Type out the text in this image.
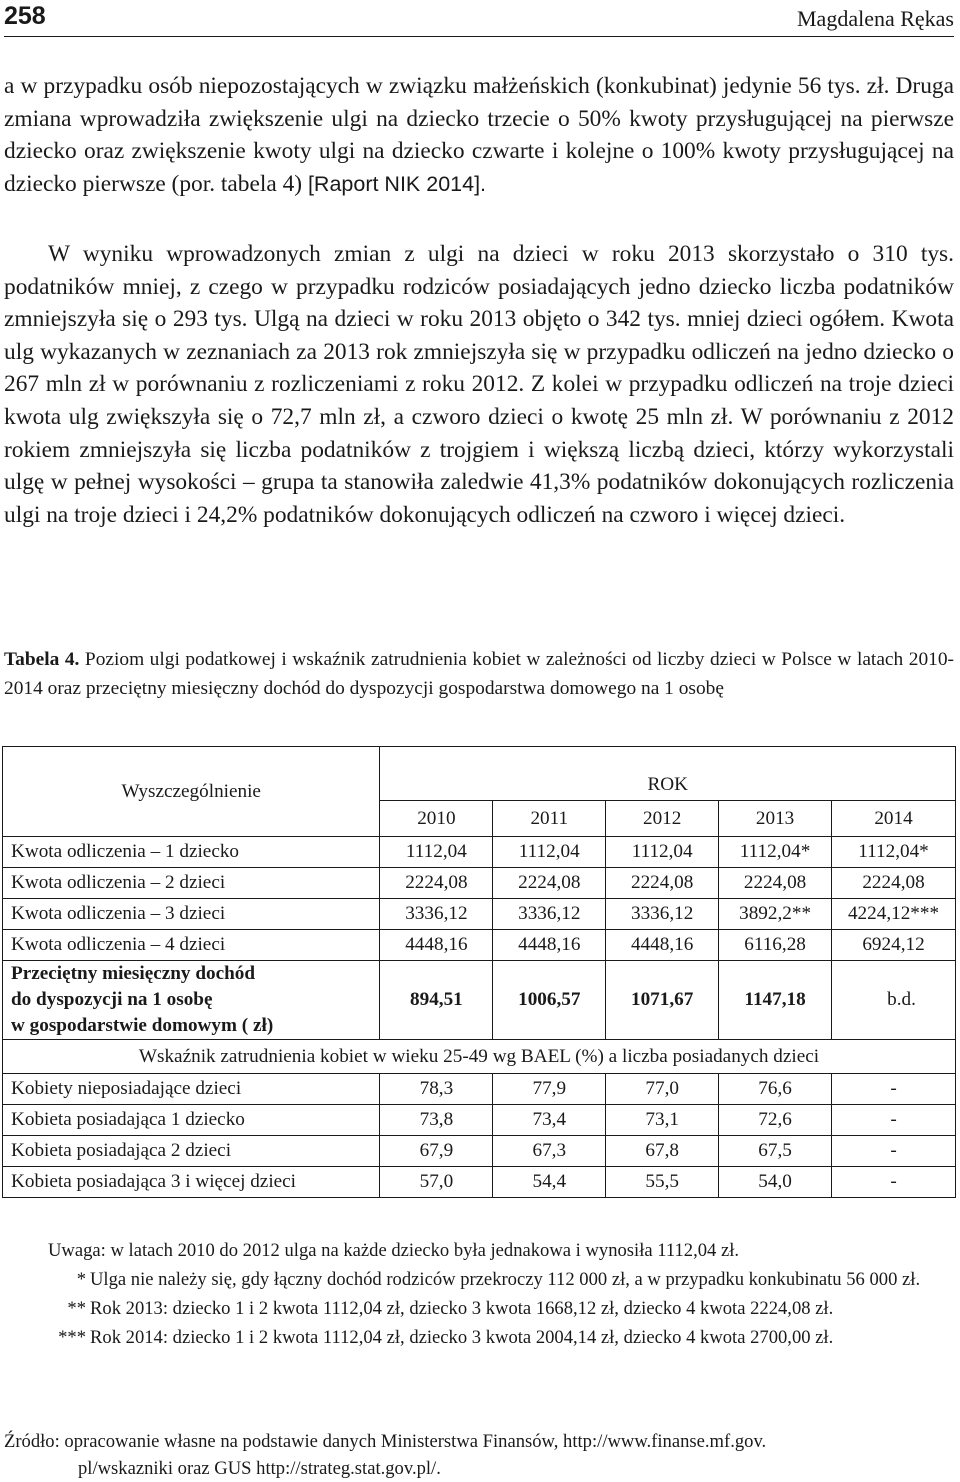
258	Magdalena Rękas

a w przypadku osób niepozostających w związku małżeńskich (konkubinat) jedynie 56 tys. zł. Druga zmiana wprowadziła zwiększenie ulgi na dziecko trzecie o 50% kwoty przysługującej na pierwsze dziecko oraz zwiększenie kwoty ulgi na dziecko czwarte i kolejne o 100% kwoty przysługującej na dziecko pierwsze (por. tabela 4) [Raport NIK 2014].

W wyniku wprowadzonych zmian z ulgi na dzieci w roku 2013 skorzystało o 310 tys. podatników mniej, z czego w przypadku rodziców posiadających jedno dziecko liczba podatników zmniejszyła się o 293 tys. Ulgą na dzieci w roku 2013 objęto o 342 tys. mniej dzieci ogółem. Kwota ulg wykazanych w zeznaniach za 2013 rok zmniejszyła się w przypadku odliczeń na jedno dziecko o 267 mln zł w porównaniu z rozliczeniami z roku 2012. Z kolei w przypadku odliczeń na troje dzieci kwota ulg zwiększyła się o 72,7 mln zł, a czworo dzieci o kwotę 25 mln zł. W porównaniu z 2012 rokiem zmniejszyła się liczba podatników z trojgiem i większą liczbą dzieci, którzy wykorzystali ulgę w pełnej wysokości – grupa ta stanowiła zaledwie 41,3% podatników dokonujących rozliczenia ulgi na troje dzieci i 24,2% podatników dokonujących odliczeń na czworo i więcej dzieci.

Tabela 4. Poziom ulgi podatkowej i wskaźnik zatrudnienia kobiet w zależności od liczby dzieci w Polsce w latach 2010-2014 oraz przeciętny miesięczny dochód do dyspozycji gospodarstwa domowego na 1 osobę
Wyszczególnienie	ROK				
	2010	2011	2012	2013	2014
Kwota odliczenia – 1 dziecko	1112,04	1112,04	1112,04	1112,04*	1112,04*
Kwota odliczenia – 2 dzieci	2224,08	2224,08	2224,08	2224,08	2224,08
Kwota odliczenia – 3 dzieci	3336,12	3336,12	3336,12	3892,2**	4224,12***
Kwota odliczenia – 4 dzieci	4448,16	4448,16	4448,16	6116,28	6924,12

Przeciętny miesięczny dochód
do dyspozycji na 1 osobę
w gospodarstwie domowym ( zł)	894,51	1006,57	1071,67	1147,18	b.d.
Wskaźnik zatrudnienia kobiet w wieku 25-49 wg BAEL (%) a liczba posiadanych dzieci					
Kobiety nieposiadające dzieci	78,3	77,9	77,0	76,6	-
Kobieta posiadająca 1 dziecko	73,8	73,4	73,1	72,6	-
Kobieta posiadająca 2 dzieci	67,9	67,3	67,8	67,5	-
Kobieta posiadająca 3 i więcej dzieci	57,0	54,4	55,5	54,0	-
Uwaga: w latach 2010 do 2012 ulga na każde dziecko była jednakowa i wynosiła 1112,04 zł.
* Ulga nie należy się, gdy łączny dochód rodziców przekroczy 112 000 zł, a w przypadku konkubinatu 56 000 zł.
** Rok 2013: dziecko 1 i 2 kwota 1112,04 zł, dziecko 3 kwota 1668,12 zł, dziecko 4 kwota 2224,08 zł.
*** Rok 2014: dziecko 1 i 2 kwota 1112,04 zł, dziecko 3 kwota 2004,14 zł, dziecko 4 kwota 2700,00 zł.
Źródło: opracowanie własne na podstawie danych Ministerstwa Finansów, http://www.finanse.mf.gov.
pl/wskazniki oraz GUS http://strateg.stat.gov.pl/.
